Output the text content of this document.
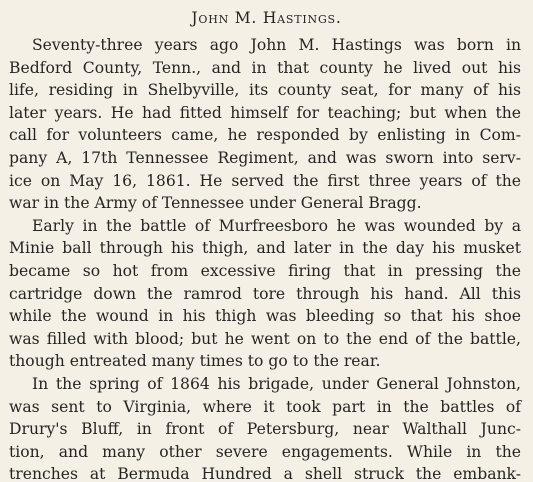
John M. Hastings.
Seventy-three years ago John M. Hastings was born in
Bedford County, Tenn., and in that county he lived out his
life, residing in Shelbyville, its county seat, for many of his
later years. He had fitted himself for teaching; but when the
call for volunteers came, he responded by enlisting in Com-
pany A, 17th Tennessee Regiment, and was sworn into serv-
ice on May 16, 1861. He served the first three years of the
war in the Army of Tennessee under General Bragg.
Early in the battle of Murfreesboro he was wounded by a
Minie ball through his thigh, and later in the day his musket
became so hot from excessive firing that in pressing the
cartridge down the ramrod tore through his hand. All this
while the wound in his thigh was bleeding so that his shoe
was filled with blood; but he went on to the end of the battle,
though entreated many times to go to the rear.
In the spring of 1864 his brigade, under General Johnston,
was sent to Virginia, where it took part in the battles of
Drury's Bluff, in front of Petersburg, near Walthall Junc-
tion, and many other severe engagements. While in the
trenches at Bermuda Hundred a shell struck the embank-
